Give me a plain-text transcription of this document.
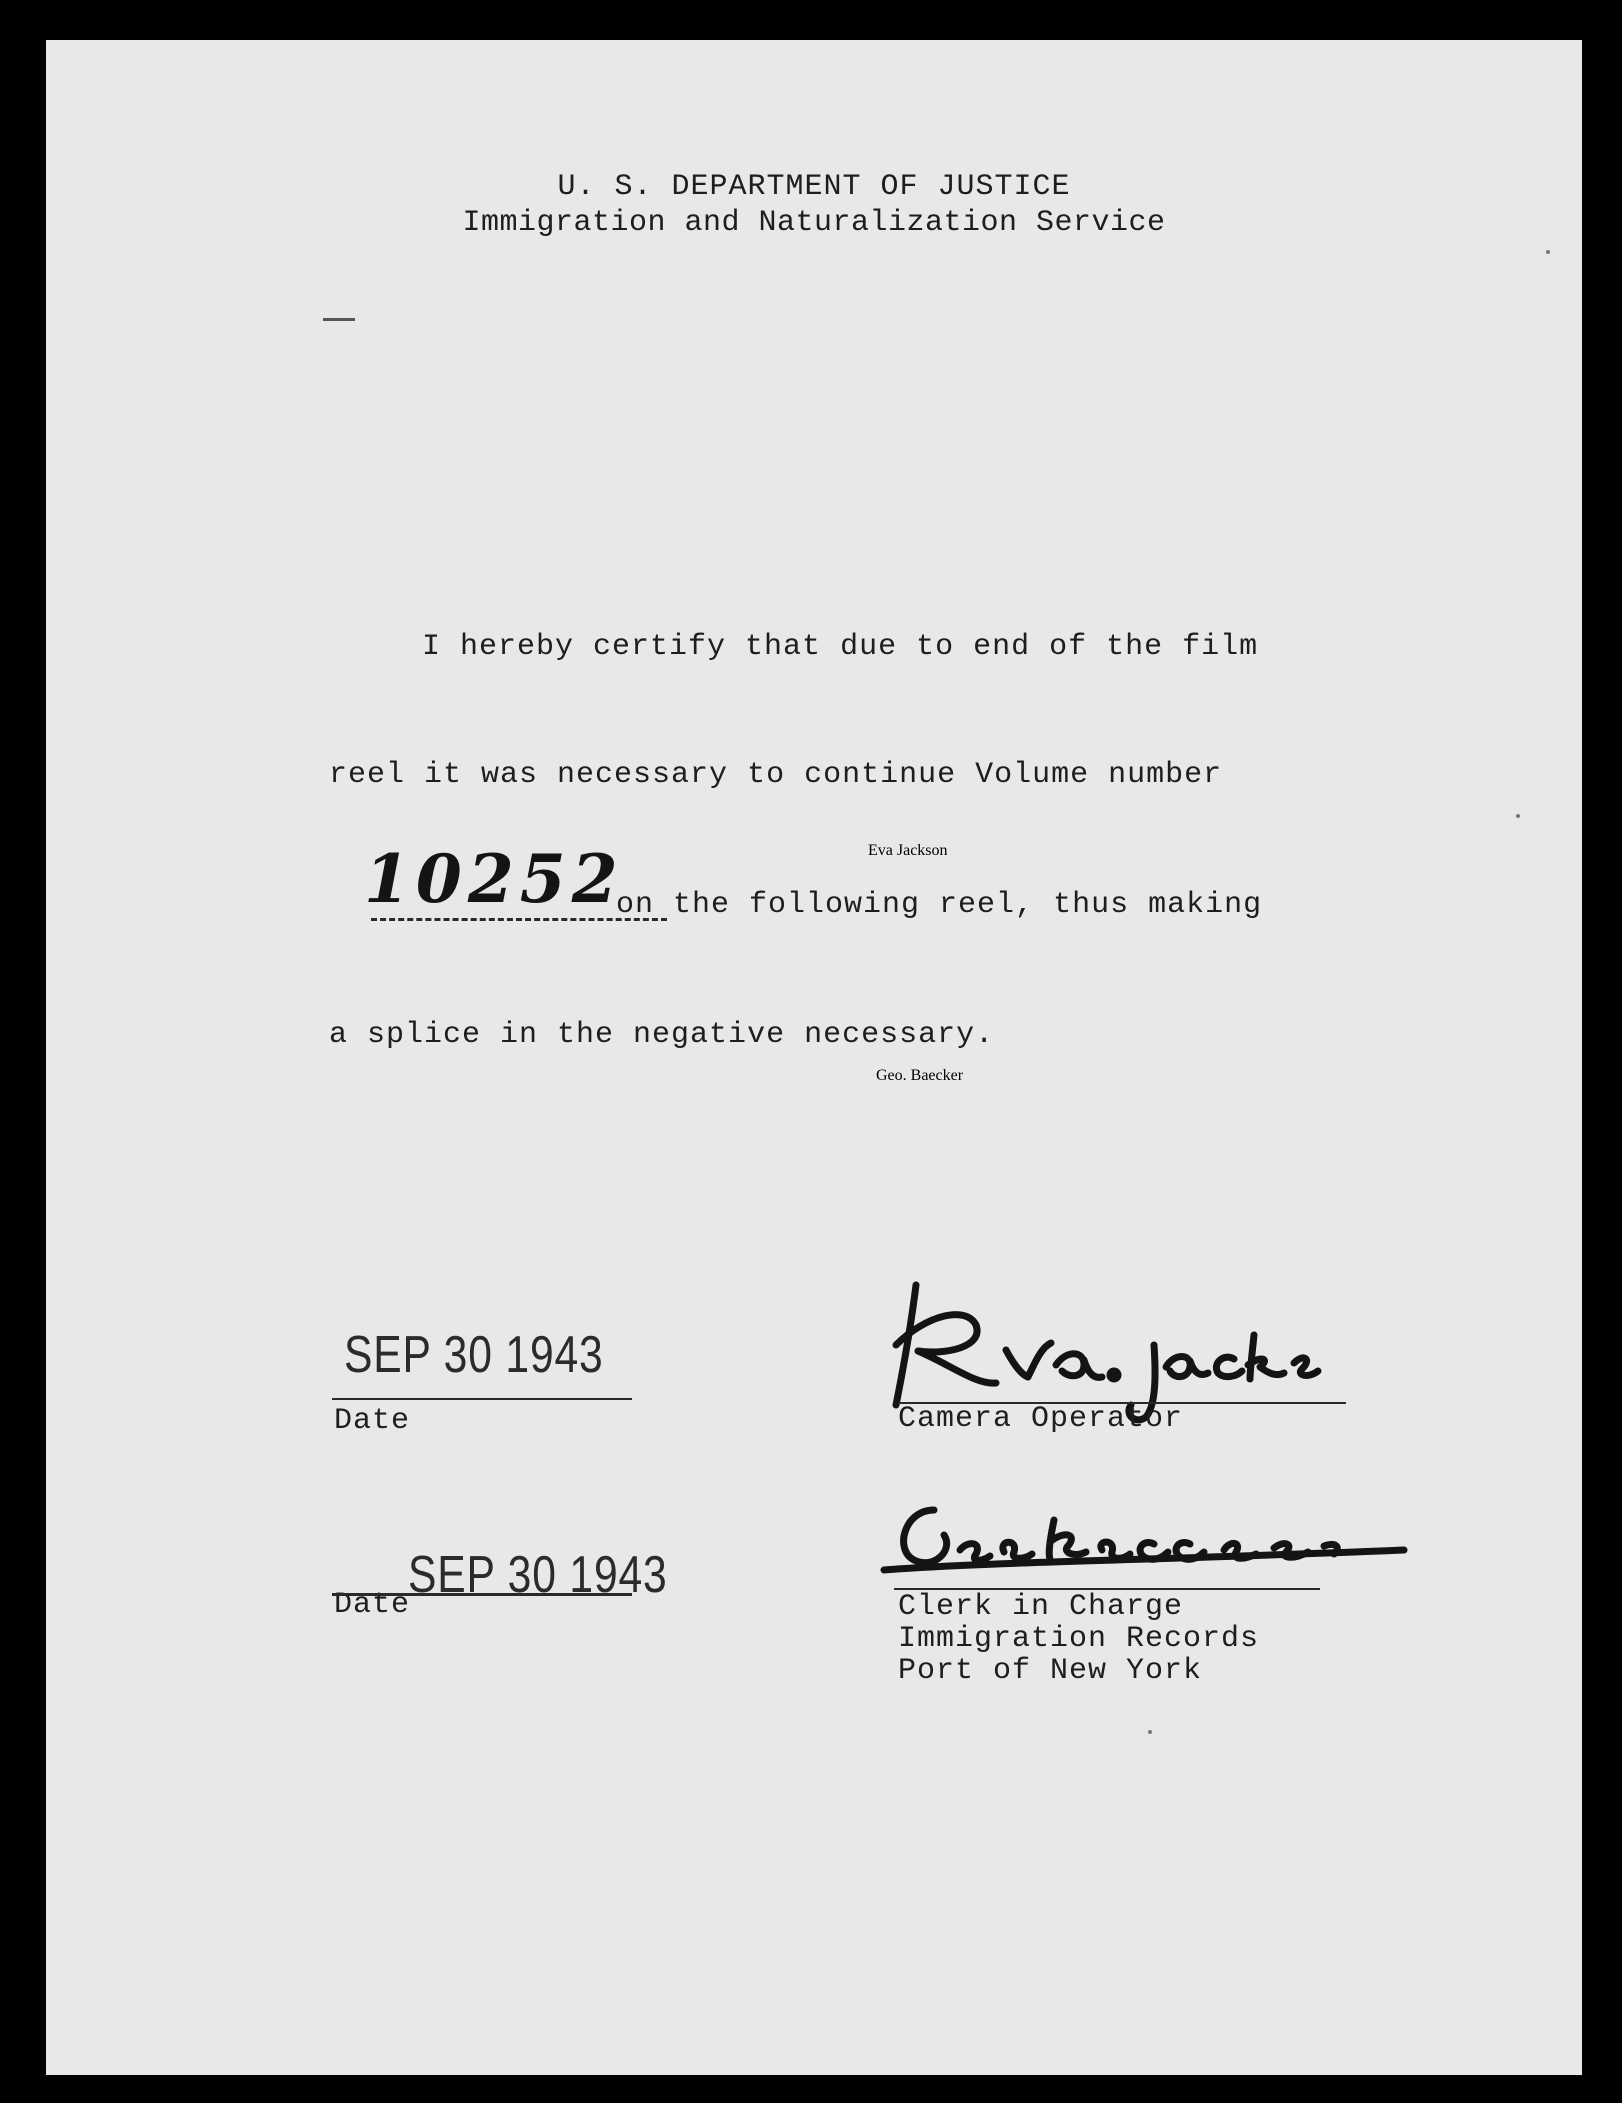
U. S. DEPARTMENT OF JUSTICE
Immigration and Naturalization Service
I hereby certify that due to end of the film
reel it was necessary to continue Volume number
10252
on the following reel, thus making
a splice in the negative necessary.
SEP 30 1943
Date
Eva Jackson
Camera Operator
SEP 30 1943
Date
Geo. Baecker
Clerk in Charge
Immigration Records
Port of New York
